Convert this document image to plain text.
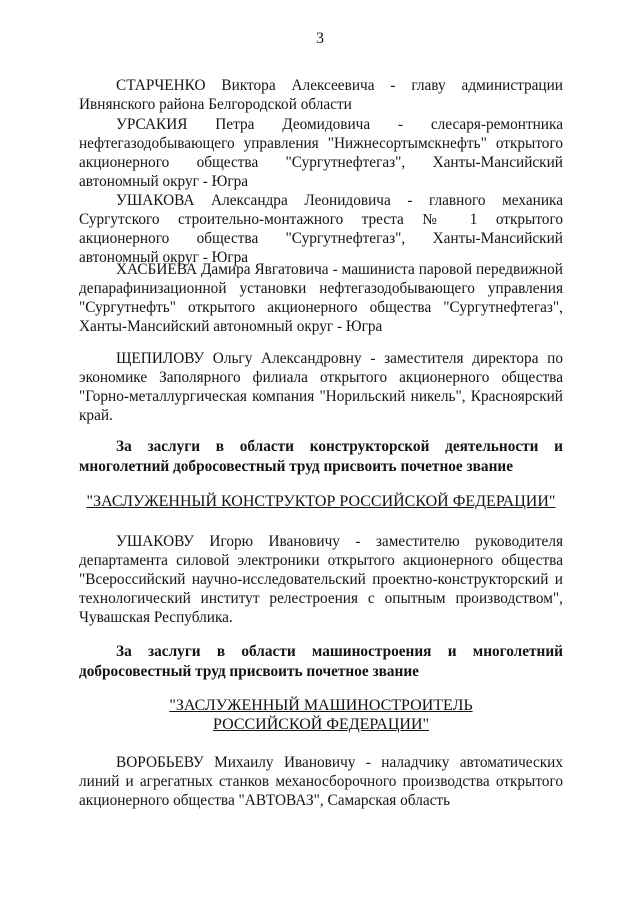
3
СТАРЧЕНКО Виктора Алексеевича - главу администрации Ивнянского района Белгородской области
УРСАКИЯ Петра Деомидовича - слесаря-ремонтника нефтегазодобывающего управления "Нижнесортымскнефть" открытого акционерного общества "Сургутнефтегаз", Ханты-Мансийский автономный округ - Югра
УШАКОВА Александра Леонидовича - главного механика Сургутского строительно-монтажного треста № 1 открытого акционерного общества "Сургутнефтегаз", Ханты-Мансийский автономный округ - Югра
ХАСБИЕВА Дамира Явгатовича - машиниста паровой передвижной депарафинизационной установки нефтегазодобывающего управления "Сургутнефть" открытого акционерного общества "Сургутнефтегаз", Ханты-Мансийский автономный округ - Югра
ЩЕПИЛОВУ Ольгу Александровну - заместителя директора по экономике Заполярного филиала открытого акционерного общества "Горно-металлургическая компания "Норильский никель", Красноярский край.
За заслуги в области конструкторской деятельности и многолетний добросовестный труд присвоить почетное звание
"ЗАСЛУЖЕННЫЙ КОНСТРУКТОР РОССИЙСКОЙ ФЕДЕРАЦИИ"
УШАКОВУ Игорю Ивановичу - заместителю руководителя департамента силовой электроники открытого акционерного общества "Всероссийский научно-исследовательский проектно-конструкторский и технологический институт релестроения с опытным производством", Чувашская Республика.
За заслуги в области машиностроения и многолетний добросовестный труд присвоить почетное звание
"ЗАСЛУЖЕННЫЙ МАШИНОСТРОИТЕЛЬ
РОССИЙСКОЙ ФЕДЕРАЦИИ"
ВОРОБЬЕВУ Михаилу Ивановичу - наладчику автоматических линий и агрегатных станков механосборочного производства открытого акционерного общества "АВТОВАЗ", Самарская область
